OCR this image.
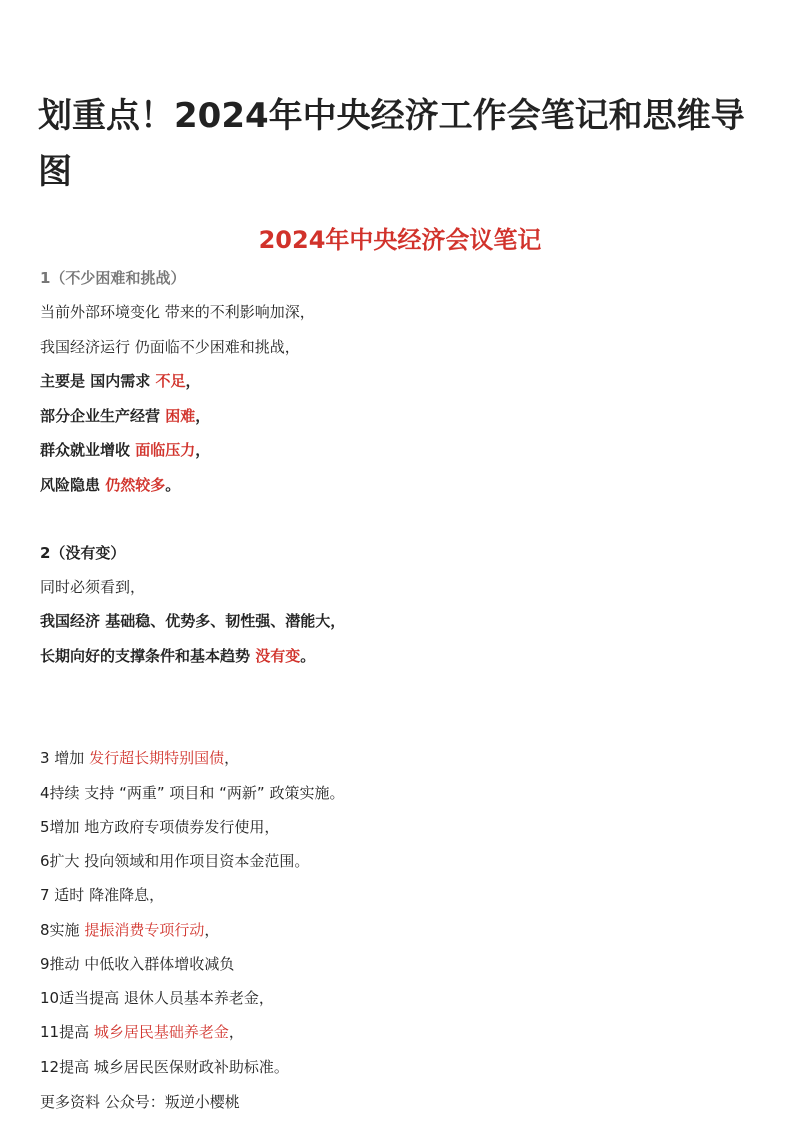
划重点！2024年中央经济工作会笔记和思维导图
2024年中央经济会议笔记
1（不少困难和挑战）
当前外部环境变化 带来的不利影响加深，
我国经济运行 仍面临不少困难和挑战，
主要是 国内需求 不足，
部分企业生产经营 困难，
群众就业增收 面临压力，
风险隐患 仍然较多。
2（没有变）
同时必须看到，
我国经济 基础稳、优势多、韧性强、潜能大，
长期向好的支撑条件和基本趋势 没有变。
3 增加 发行超长期特别国债，
4持续 支持 “两重” 项目和 “两新” 政策实施。
5增加 地方政府专项债券发行使用，
6扩大 投向领域和用作项目资本金范围。
7 适时 降准降息，
8实施 提振消费专项行动，
9推动 中低收入群体增收减负
10适当提高 退休人员基本养老金，
11提高 城乡居民基础养老金，
12提高 城乡居民医保财政补助标准。
更多资料 公众号：叛逆小樱桃
